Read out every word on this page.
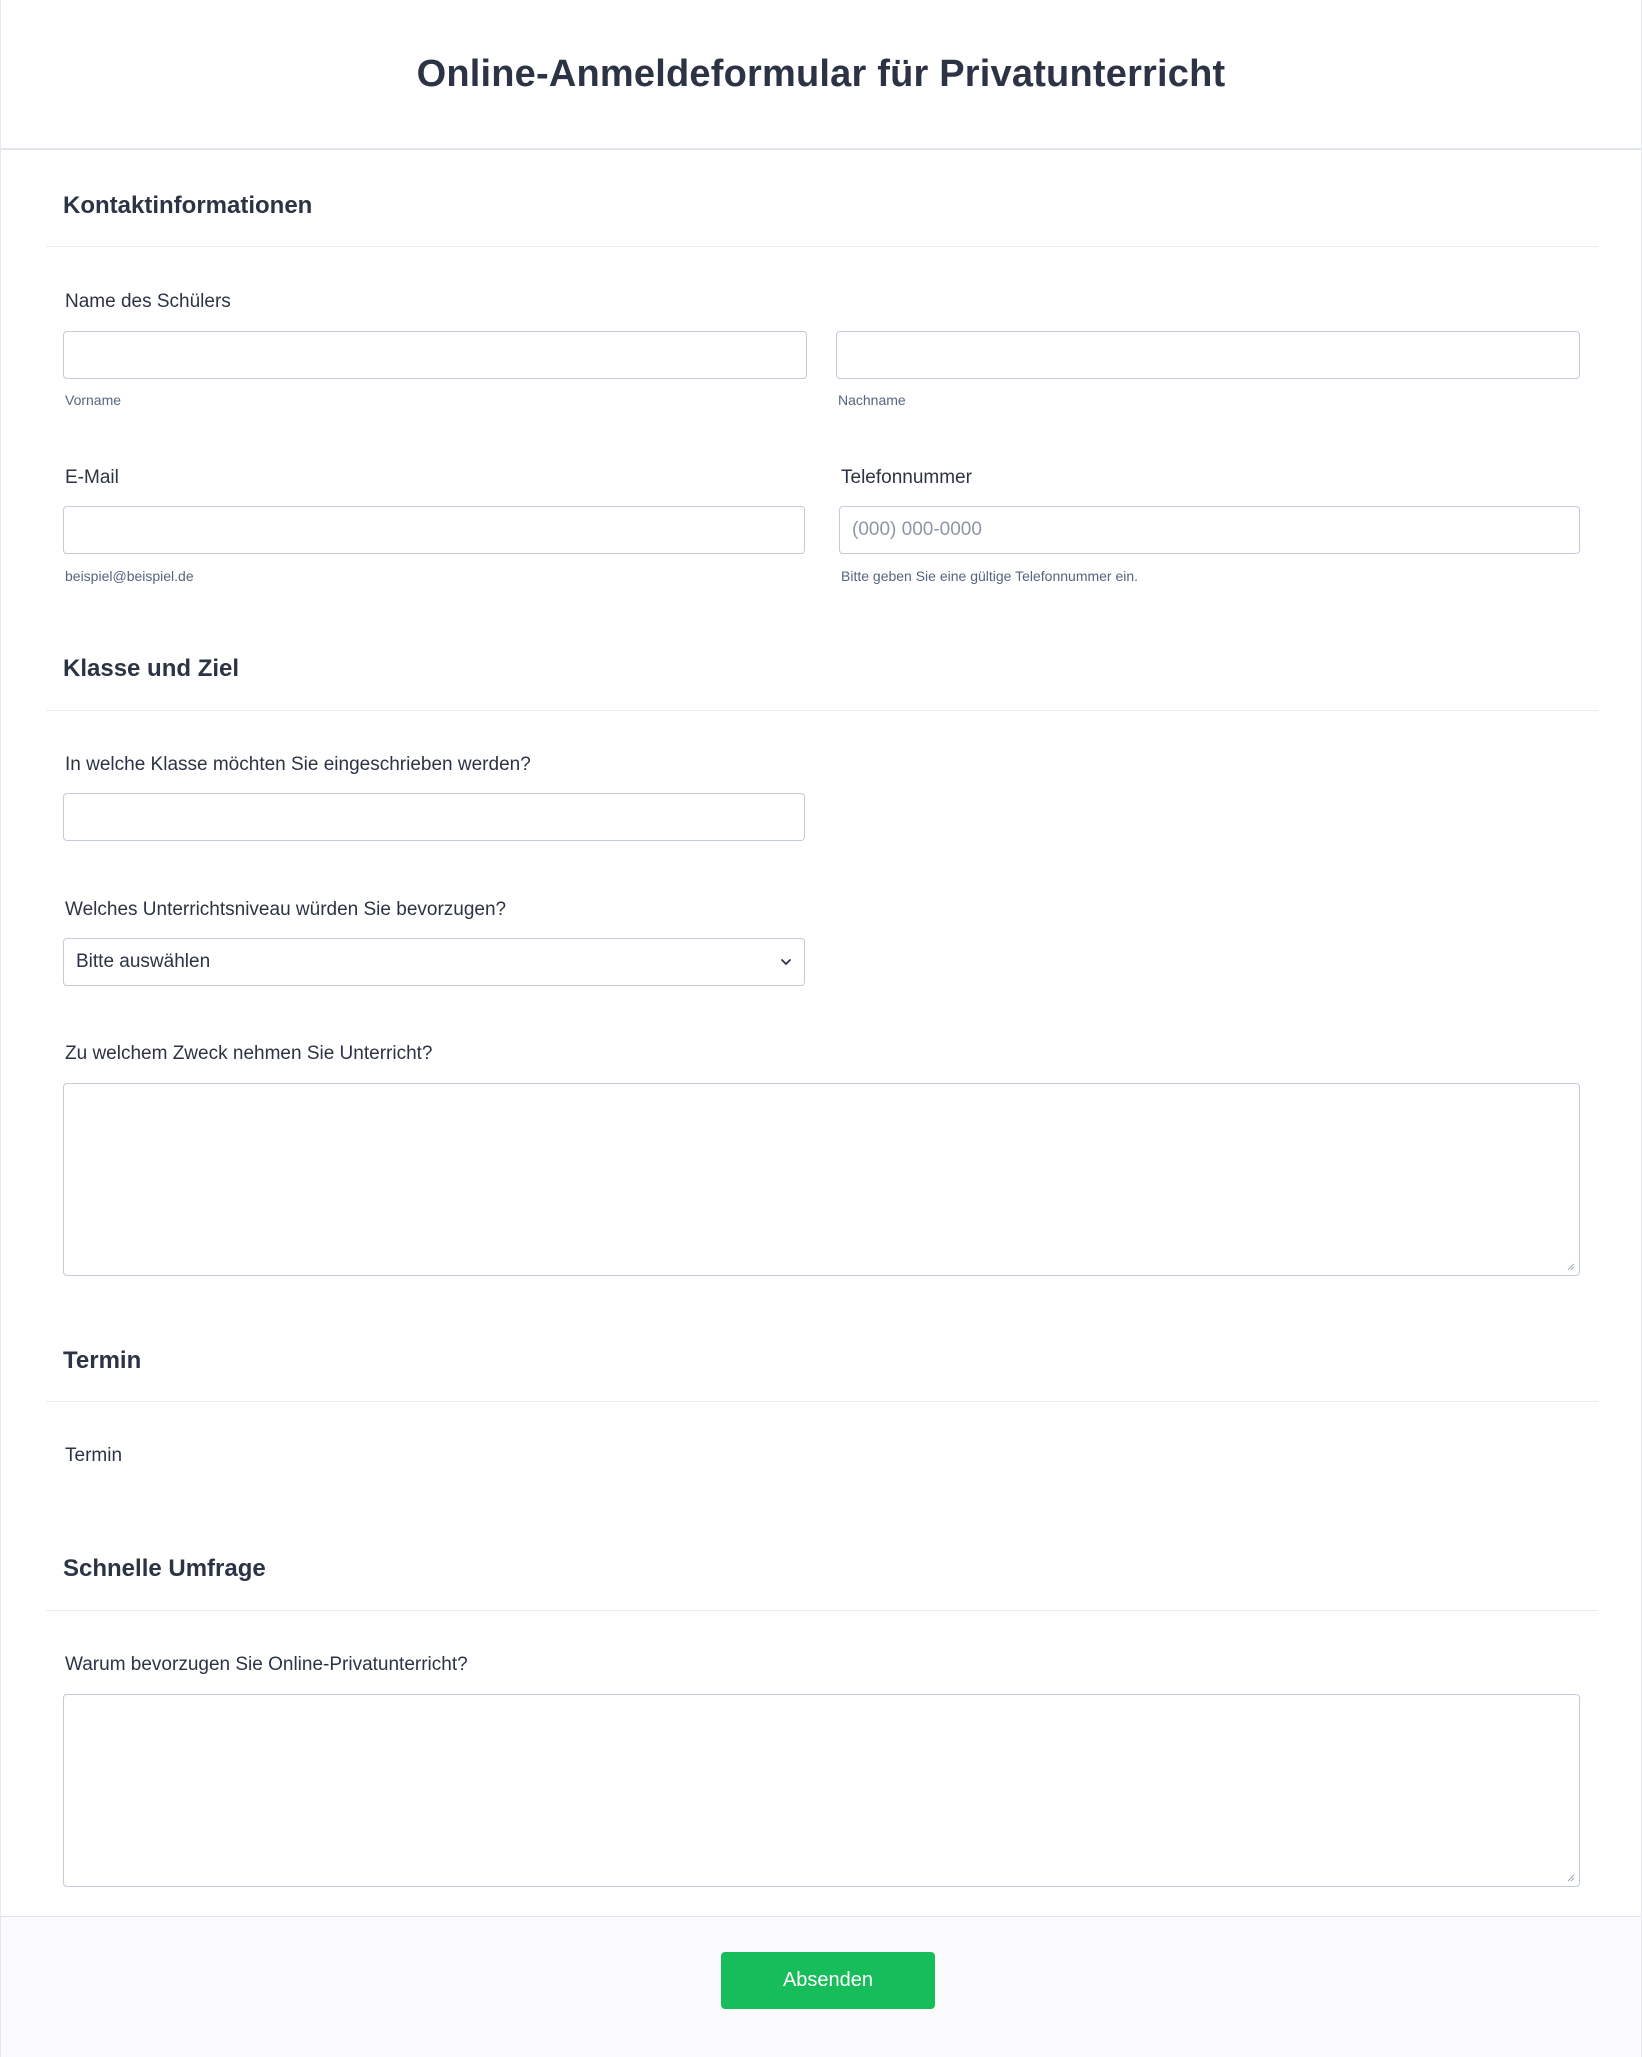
Online-Anmeldeformular für Privatunterricht
Kontaktinformationen
Name des Schülers
Vorname	Nachname
E-Mail
beispiel@beispiel.de
Telefonnummer
(000) 000-0000
Bitte geben Sie eine gültige Telefonnummer ein.
Klasse und Ziel
In welche Klasse möchten Sie eingeschrieben werden?
Welches Unterrichtsniveau würden Sie bevorzugen?
Bitte auswählen
Zu welchem Zweck nehmen Sie Unterricht?
Termin
Termin
Schnelle Umfrage
Warum bevorzugen Sie Online-Privatunterricht?
Absenden
